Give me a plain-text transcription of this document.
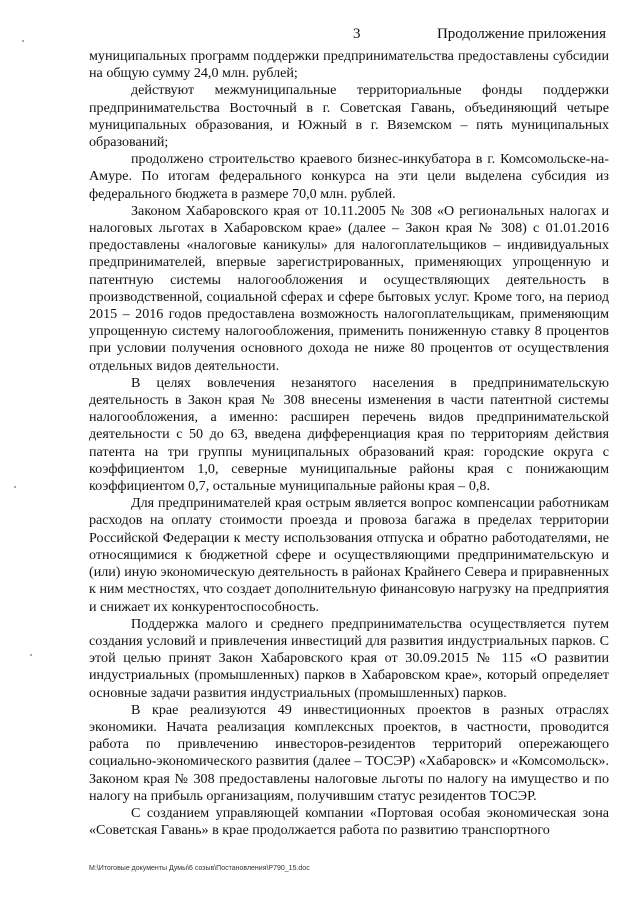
3	Продолжение приложения

муниципальных программ поддержки предпринимательства предоставлены субсидии на общую сумму 24,0 млн. рублей;

действуют межмуниципальные территориальные фонды поддержки предпринимательства Восточный в г. Советская Гавань, объединяющий четыре муниципальных образования, и Южный в г. Вяземском – пять муниципальных образований;

продолжено строительство краевого бизнес-инкубатора в г. Комсомольске-на-Амуре. По итогам федерального конкурса на эти цели выделена субсидия из федерального бюджета в размере 70,0 млн. рублей.

Законом Хабаровского края от 10.11.2005 № 308 «О региональных налогах и налоговых льготах в Хабаровском крае» (далее – Закон края № 308) с 01.01.2016 предоставлены «налоговые каникулы» для налогоплательщиков – индивидуальных предпринимателей, впервые зарегистрированных, применяющих упрощенную и патентную системы налогообложения и осуществляющих деятельность в производственной, социальной сферах и сфере бытовых услуг. Кроме того, на период 2015 – 2016 годов предоставлена возможность налогоплательщикам, применяющим упрощенную систему налогообложения, применить пониженную ставку 8 процентов при условии получения основного дохода не ниже 80 процентов от осуществления отдельных видов деятельности.

В целях вовлечения незанятого населения в предпринимательскую деятельность в Закон края № 308 внесены изменения в части патентной системы налогообложения, а именно: расширен перечень видов предпринимательской деятельности с 50 до 63, введена дифференциация края по территориям действия патента на три группы муниципальных образований края: городские округа с коэффициентом 1,0, северные муниципальные районы края с понижающим коэффициентом 0,7, остальные муниципальные районы края – 0,8.

Для предпринимателей края острым является вопрос компенсации работникам расходов на оплату стоимости проезда и провоза багажа в пределах территории Российской Федерации к месту использования отпуска и обратно работодателями, не относящимися к бюджетной сфере и осуществляющими предпринимательскую и (или) иную экономическую деятельность в районах Крайнего Севера и приравненных к ним местностях, что создает дополнительную финансовую нагрузку на предприятия и снижает их конкурентоспособность.

Поддержка малого и среднего предпринимательства осуществляется путем создания условий и привлечения инвестиций для развития индустриальных парков. С этой целью принят Закон Хабаровского края от 30.09.2015 № 115 «О развитии индустриальных (промышленных) парков в Хабаровском крае», который определяет основные задачи развития индустриальных (промышленных) парков.

В крае реализуются 49 инвестиционных проектов в разных отраслях экономики. Начата реализация комплексных проектов, в частности, проводится работа по привлечению инвесторов-резидентов территорий опережающего социально-экономического развития (далее – ТОСЭР) «Хабаровск» и «Комсомольск». Законом края № 308 предоставлены налоговые льготы по налогу на имущество и по налогу на прибыль организациям, получившим статус резидентов ТОСЭР.

С созданием управляющей компании «Портовая особая экономическая зона «Советская Гавань» в крае продолжается работа по развитию транспортного

M:\Итоговые документы Думы\6 созыв\Постановления\P790_15.doc
